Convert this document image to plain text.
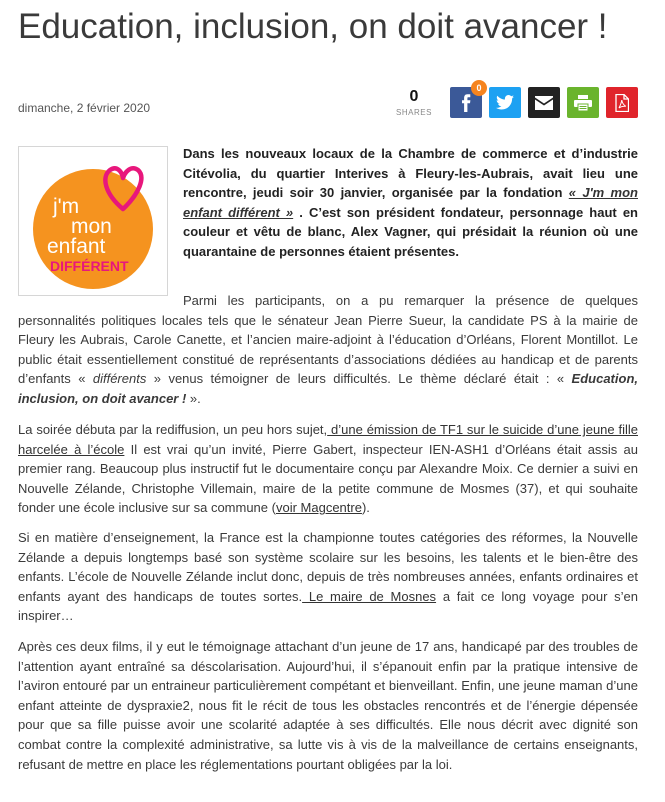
Education, inclusion, on doit avancer !
dimanche, 2 février 2020
0
SHARES
0
j'm
mon
enfant
DIFFÉRENT

Dans les nouveaux locaux de la Chambre de commerce et d’industrie Citévolia, du quartier Interives à Fleury-les-Aubrais, avait lieu une rencontre, jeudi soir 30 janvier, organisée par la fondation « J'm mon enfant différent » . C’est son président fondateur, personnage haut en couleur et vêtu de blanc, Alex Vagner, qui présidait la réunion où une quarantaine de personnes étaient présentes.

Parmi les participants, on a pu remarquer la présence de quelques personnalités politiques locales tels que le sénateur Jean Pierre Sueur, la candidate PS à la mairie de Fleury les Aubrais, Carole Canette, et l’ancien maire-adjoint à l’éducation d’Orléans, Florent Montillot. Le public était essentiellement constitué de représentants d’associations dédiées au handicap et de parents d’enfants « différents » venus témoigner de leurs difficultés. Le thème déclaré était : « Education, inclusion, on doit avancer ! ».

La soirée débuta par la rediffusion, un peu hors sujet, d’une émission de TF1 sur le suicide d’une jeune fille harcelée à l’école Il est vrai qu’un invité, Pierre Gabert, inspecteur IEN-ASH1 d’Orléans était assis au premier rang. Beaucoup plus instructif fut le documentaire conçu par Alexandre Moix. Ce dernier a suivi en Nouvelle Zélande, Christophe Villemain, maire de la petite commune de Mosmes (37), et qui souhaite fonder une école inclusive sur sa commune (voir Magcentre).

Si en matière d’enseignement, la France est la championne toutes catégories des réformes, la Nouvelle Zélande a depuis longtemps basé son système scolaire sur les besoins, les talents et le bien-être des enfants. L’école de Nouvelle Zélande inclut donc, depuis de très nombreuses années, enfants ordinaires et enfants ayant des handicaps de toutes sortes. Le maire de Mosnes a fait ce long voyage pour s’en inspirer…

Après ces deux films, il y eut le témoignage attachant d’un jeune de 17 ans, handicapé par des troubles de l’attention ayant entraîné sa déscolarisation. Aujourd’hui, il s’épanouit enfin par la pratique intensive de l’aviron entouré par un entraineur particulièrement compétant et bienveillant. Enfin, une jeune maman d’une enfant atteinte de dyspraxie2, nous fit le récit de tous les obstacles rencontrés et de l’énergie dépensée pour que sa fille puisse avoir une scolarité adaptée à ses difficultés. Elle nous décrit avec dignité son combat contre la complexité administrative, sa lutte vis à vis de la malveillance de certains enseignants, refusant de mettre en place les réglementations pourtant obligées par la loi.
